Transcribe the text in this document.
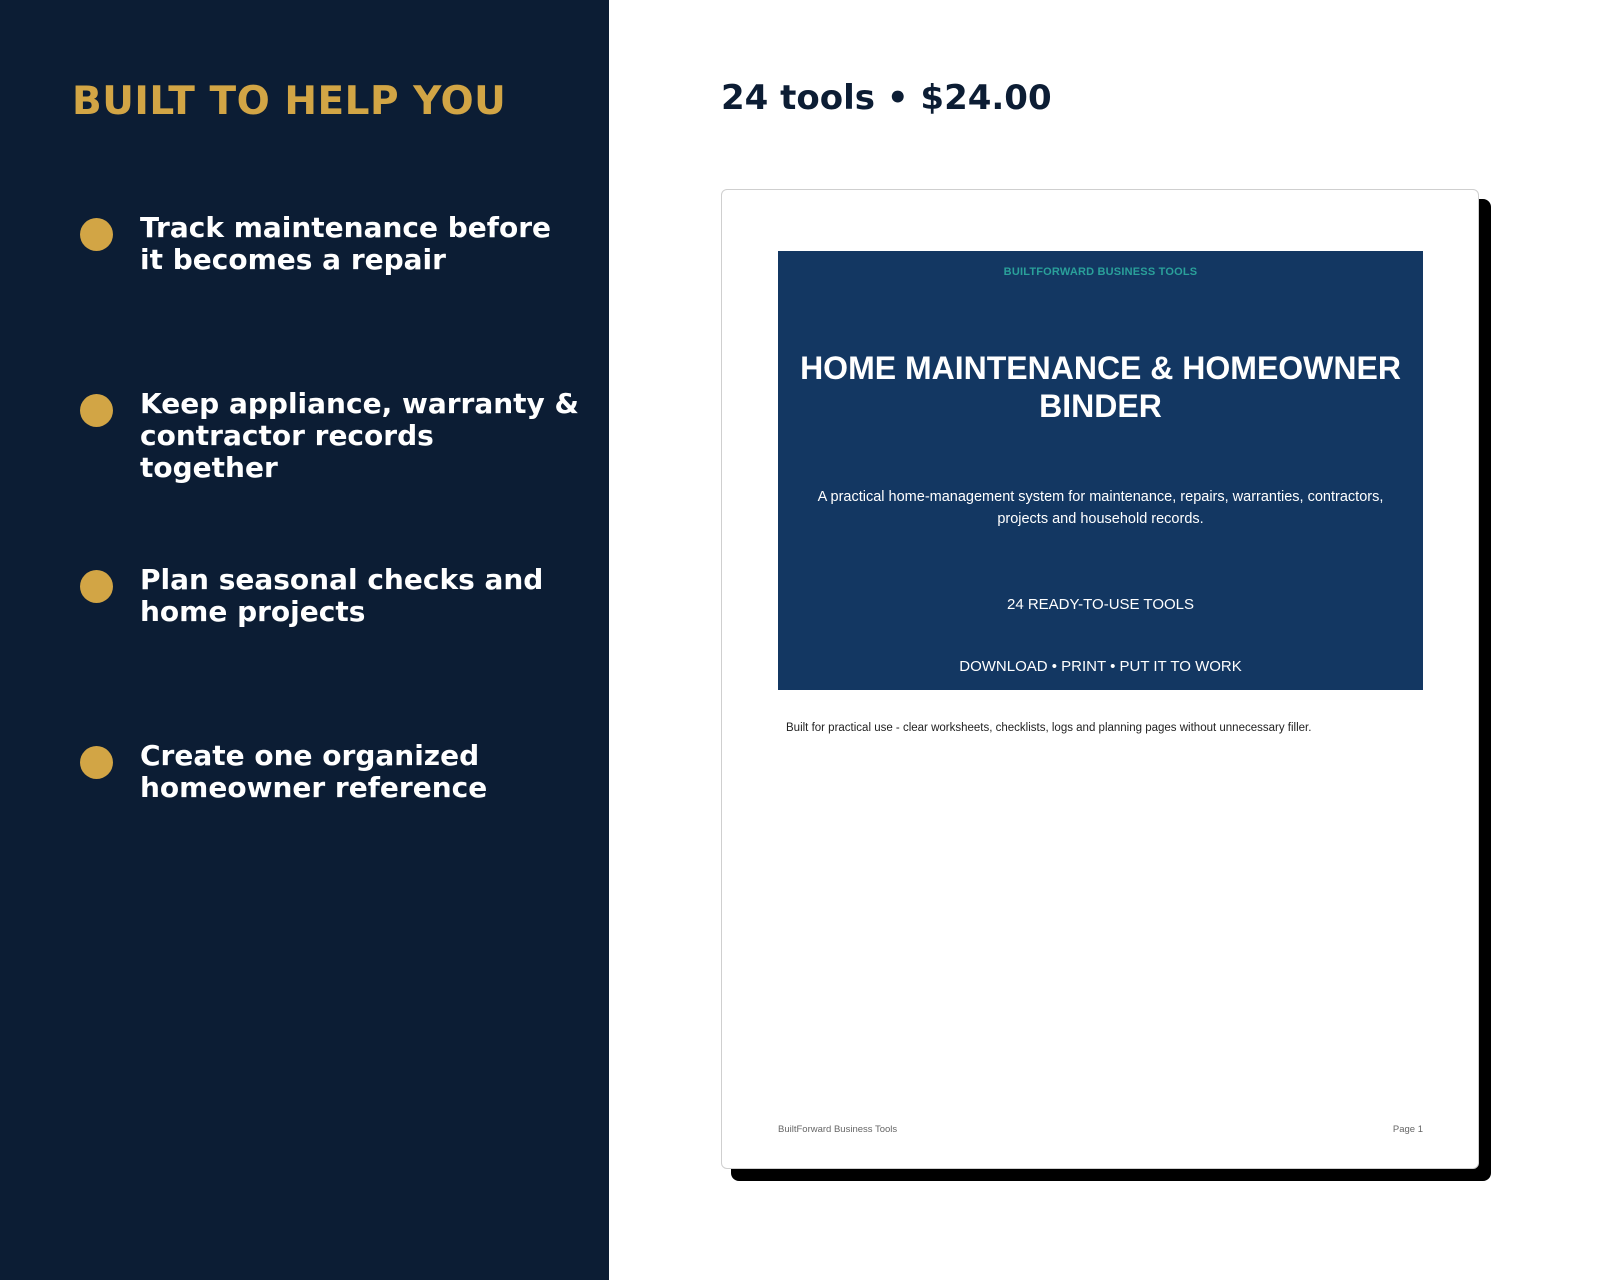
BUILT TO HELP YOU
Track maintenance before it becomes a repair
Keep appliance, warranty & contractor records together
Plan seasonal checks and home projects
Create one organized homeowner reference
24 tools • $24.00
BUILTFORWARD BUSINESS TOOLS
HOME MAINTENANCE & HOMEOWNER BINDER
A practical home-management system for maintenance, repairs, warranties, contractors, projects and household records.
24 READY-TO-USE TOOLS
DOWNLOAD • PRINT • PUT IT TO WORK
Built for practical use - clear worksheets, checklists, logs and planning pages without unnecessary filler.
BuiltForward Business Tools	Page 1
